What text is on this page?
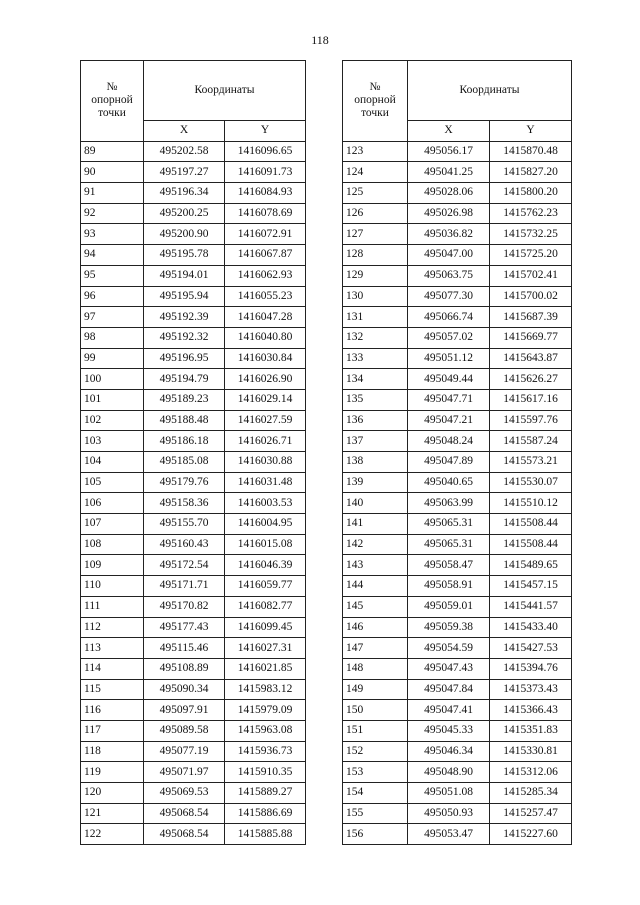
118
№
опорной
точки	Координаты	
	X	Y
89	495202.58	1416096.65
90	495197.27	1416091.73
91	495196.34	1416084.93
92	495200.25	1416078.69
93	495200.90	1416072.91
94	495195.78	1416067.87
95	495194.01	1416062.93
96	495195.94	1416055.23
97	495192.39	1416047.28
98	495192.32	1416040.80
99	495196.95	1416030.84
100	495194.79	1416026.90
101	495189.23	1416029.14
102	495188.48	1416027.59
103	495186.18	1416026.71
104	495185.08	1416030.88
105	495179.76	1416031.48
106	495158.36	1416003.53
107	495155.70	1416004.95
108	495160.43	1416015.08
109	495172.54	1416046.39
110	495171.71	1416059.77
111	495170.82	1416082.77
112	495177.43	1416099.45
113	495115.46	1416027.31
114	495108.89	1416021.85
115	495090.34	1415983.12
116	495097.91	1415979.09
117	495089.58	1415963.08
118	495077.19	1415936.73
119	495071.97	1415910.35
120	495069.53	1415889.27
121	495068.54	1415886.69
122	495068.54	1415885.88
№
опорной
точки	Координаты	
	X	Y
123	495056.17	1415870.48
124	495041.25	1415827.20
125	495028.06	1415800.20
126	495026.98	1415762.23
127	495036.82	1415732.25
128	495047.00	1415725.20
129	495063.75	1415702.41
130	495077.30	1415700.02
131	495066.74	1415687.39
132	495057.02	1415669.77
133	495051.12	1415643.87
134	495049.44	1415626.27
135	495047.71	1415617.16
136	495047.21	1415597.76
137	495048.24	1415587.24
138	495047.89	1415573.21
139	495040.65	1415530.07
140	495063.99	1415510.12
141	495065.31	1415508.44
142	495065.31	1415508.44
143	495058.47	1415489.65
144	495058.91	1415457.15
145	495059.01	1415441.57
146	495059.38	1415433.40
147	495054.59	1415427.53
148	495047.43	1415394.76
149	495047.84	1415373.43
150	495047.41	1415366.43
151	495045.33	1415351.83
152	495046.34	1415330.81
153	495048.90	1415312.06
154	495051.08	1415285.34
155	495050.93	1415257.47
156	495053.47	1415227.60
